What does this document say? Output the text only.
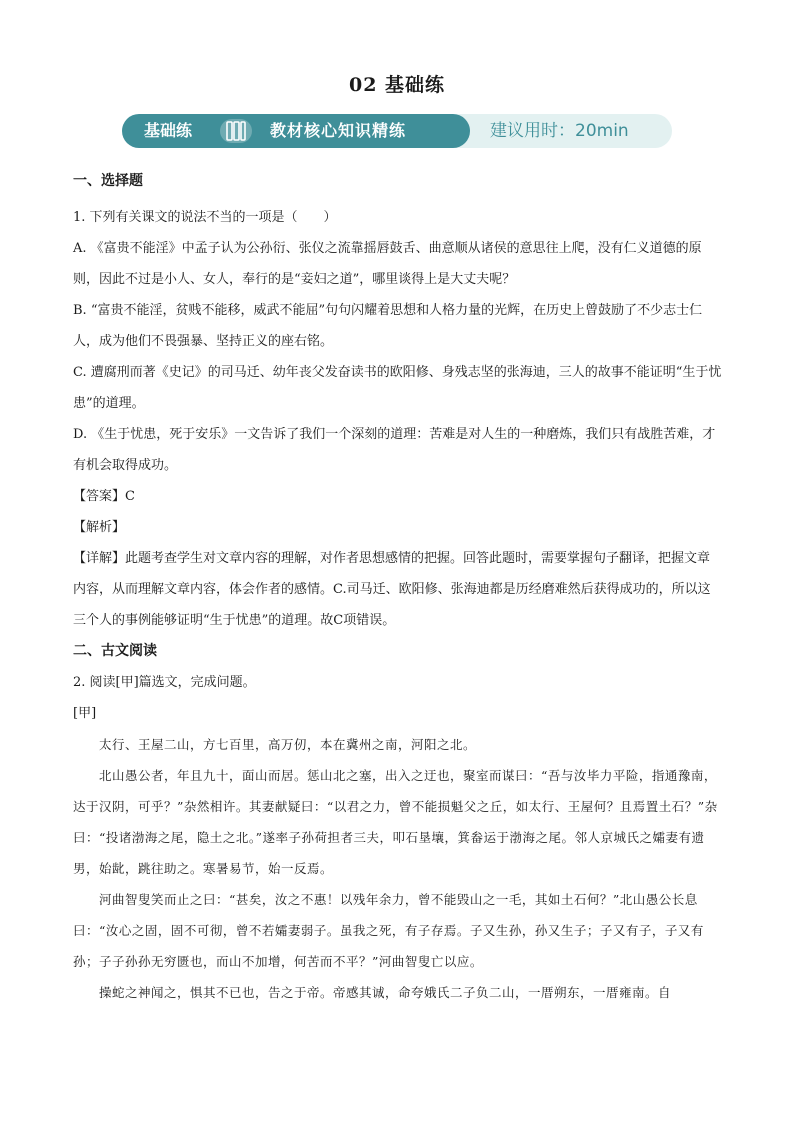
02 基础练
基础练	教材核心知识精练	建议用时：20min
一、选择题

1. 下列有关课文的说法不当的一项是（　　）

A. 《富贵不能淫》中孟子认为公孙衍、张仪之流靠摇唇鼓舌、曲意顺从诸侯的意思往上爬，没有仁义道德的原则，因此不过是小人、女人，奉行的是“妾妇之道”，哪里谈得上是大丈夫呢？

B. “富贵不能淫，贫贱不能移，威武不能屈”句句闪耀着思想和人格力量的光辉，在历史上曾鼓励了不少志士仁人，成为他们不畏强暴、坚持正义的座右铭。

C. 遭腐刑而著《史记》的司马迁、幼年丧父发奋读书的欧阳修、身残志坚的张海迪，三人的故事不能证明“生于忧患”的道理。

D. 《生于忧患，死于安乐》一文告诉了我们一个深刻的道理：苦难是对人生的一种磨炼，我们只有战胜苦难，才有机会取得成功。

【答案】C

【解析】

【详解】此题考查学生对文章内容的理解，对作者思想感情的把握。回答此题时，需要掌握句子翻译，把握文章内容，从而理解文章内容，体会作者的感情。C.司马迁、欧阳修、张海迪都是历经磨难然后获得成功的，所以这三个人的事例能够证明“生于忧患”的道理。故C项错误。

二、古文阅读

2. 阅读[甲]篇选文，完成问题。

[甲]

太行、王屋二山，方七百里，高万仞，本在冀州之南，河阳之北。

北山愚公者，年且九十，面山而居。惩山北之塞，出入之迂也，聚室而谋曰：“吾与汝毕力平险，指通豫南，达于汉阴，可乎？”杂然相许。其妻献疑曰：“以君之力，曾不能损魁父之丘，如太行、王屋何？且焉置土石？”杂曰：“投诸渤海之尾，隐土之北。”遂率子孙荷担者三夫，叩石垦壤，箕畚运于渤海之尾。邻人京城氏之孀妻有遗男，始龀，跳往助之。寒暑易节，始一反焉。

河曲智叟笑而止之曰：“甚矣，汝之不惠！以残年余力，曾不能毁山之一毛，其如土石何？”北山愚公长息曰：“汝心之固，固不可彻，曾不若孀妻弱子。虽我之死，有子存焉。子又生孙，孙又生子；子又有子，子又有孙；子子孙孙无穷匮也，而山不加增，何苦而不平？”河曲智叟亡以应。

操蛇之神闻之，惧其不已也，告之于帝。帝感其诚，命夸娥氏二子负二山，一厝朔东，一厝雍南。自
